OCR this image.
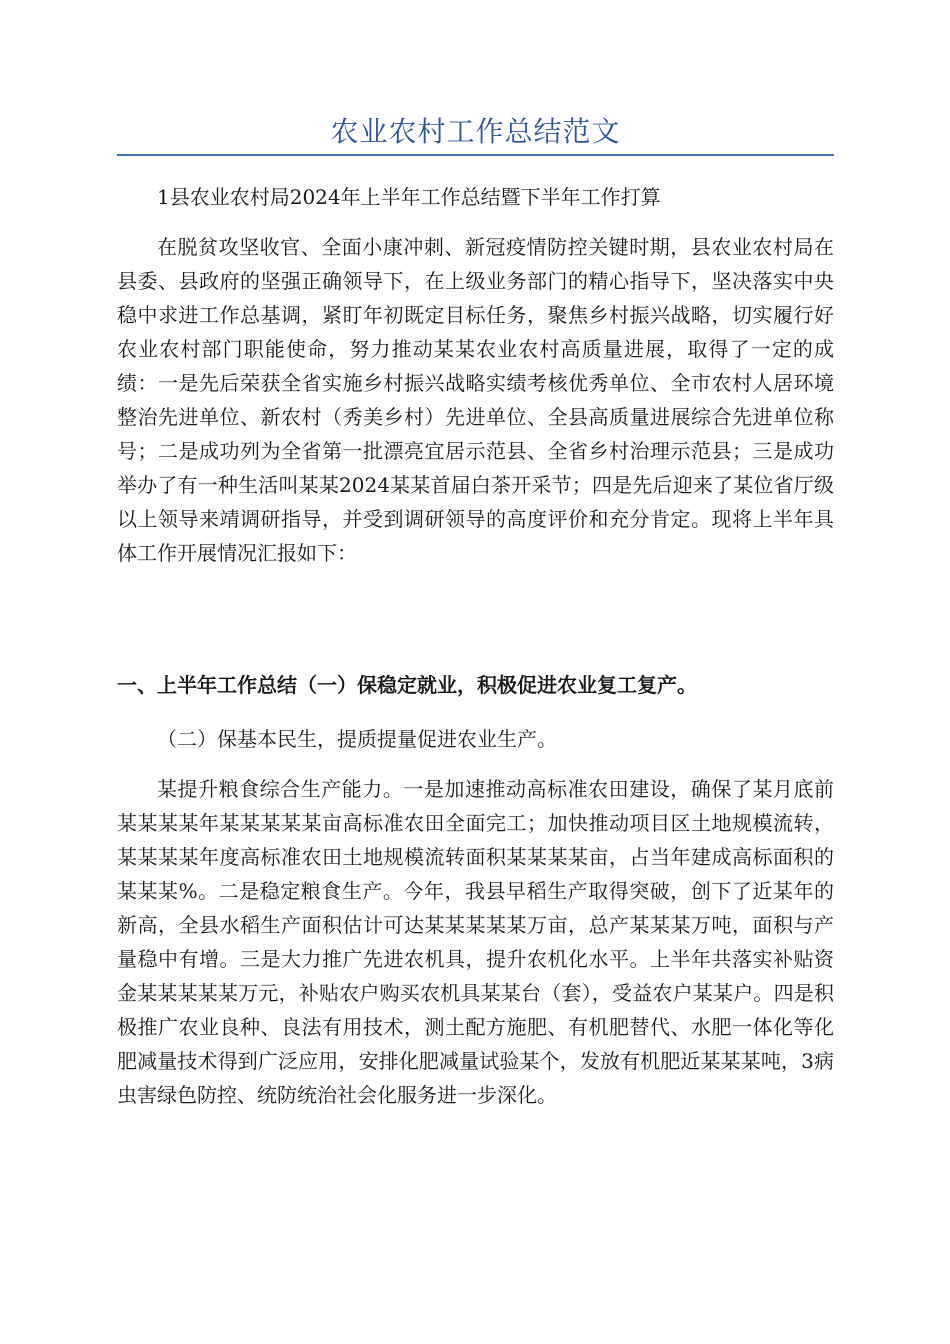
农业农村工作总结范文

1县农业农村局2024年上半年工作总结暨下半年工作打算

在脱贫攻坚收官、全面小康冲刺、新冠疫情防控关键时期，县农业农村局在县委、县政府的坚强正确领导下，在上级业务部门的精心指导下，坚决落实中央稳中求进工作总基调，紧盯年初既定目标任务，聚焦乡村振兴战略，切实履行好农业农村部门职能使命，努力推动某某农业农村高质量进展，取得了一定的成绩：一是先后荣获全省实施乡村振兴战略实绩考核优秀单位、全市农村人居环境整治先进单位、新农村（秀美乡村）先进单位、全县高质量进展综合先进单位称号；二是成功列为全省第一批漂亮宜居示范县、全省乡村治理示范县；三是成功举办了有一种生活叫某某2024某某首届白茶开采节；四是先后迎来了某位省厅级以上领导来靖调研指导，并受到调研领导的高度评价和充分肯定。现将上半年具体工作开展情况汇报如下：

一、上半年工作总结（一）保稳定就业，积极促进农业复工复产。

（二）保基本民生，提质提量促进农业生产。

某提升粮食综合生产能力。一是加速推动高标准农田建设，确保了某月底前某某某某年某某某某某亩高标准农田全面完工；加快推动项目区土地规模流转，某某某某年度高标准农田土地规模流转面积某某某某亩，占当年建成高标面积的某某某%。二是稳定粮食生产。今年，我县早稻生产取得突破，创下了近某年的新高，全县水稻生产面积估计可达某某某某某万亩，总产某某某万吨，面积与产量稳中有增。三是大力推广先进农机具，提升农机化水平。上半年共落实补贴资金某某某某某万元，补贴农户购买农机具某某台（套），受益农户某某户。四是积极推广农业良种、良法有用技术，测土配方施肥、有机肥替代、水肥一体化等化肥减量技术得到广泛应用，安排化肥减量试验某个，发放有机肥近某某某吨，3病虫害绿色防控、统防统治社会化服务进一步深化。
